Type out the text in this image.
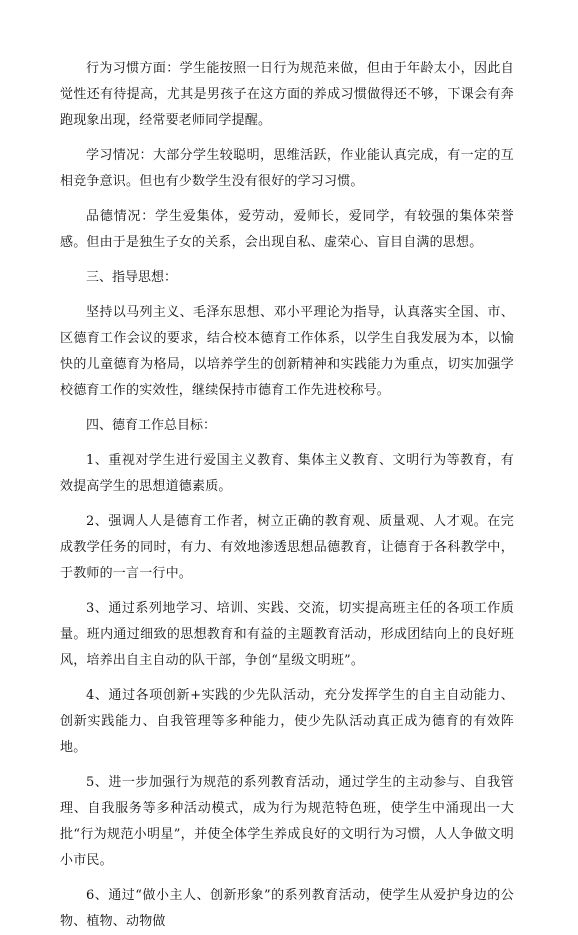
行为习惯方面：学生能按照一日行为规范来做，但由于年龄太小，因此自觉性还有待提高，尤其是男孩子在这方面的养成习惯做得还不够，下课会有奔跑现象出现，经常要老师同学提醒。

学习情况：大部分学生较聪明，思维活跃，作业能认真完成，有一定的互相竞争意识。但也有少数学生没有很好的学习习惯。

品德情况：学生爱集体，爱劳动，爱师长，爱同学，有较强的集体荣誉感。但由于是独生子女的关系，会出现自私、虚荣心、盲目自满的思想。

三、指导思想：

坚持以马列主义、毛泽东思想、邓小平理论为指导，认真落实全国、市、区德育工作会议的要求，结合校本德育工作体系，以学生自我发展为本，以愉快的儿童德育为格局，以培养学生的创新精神和实践能力为重点，切实加强学校德育工作的实效性，继续保持市德育工作先进校称号。

四、德育工作总目标：

1、重视对学生进行爱国主义教育、集体主义教育、文明行为等教育，有效提高学生的思想道德素质。

2、强调人人是德育工作者，树立正确的教育观、质量观、人才观。在完成教学任务的同时，有力、有效地渗透思想品德教育，让德育于各科教学中，于教师的一言一行中。

3、通过系列地学习、培训、实践、交流，切实提高班主任的各项工作质量。班内通过细致的思想教育和有益的主题教育活动，形成团结向上的良好班风，培养出自主自动的队干部，争创“星级文明班”。

4、通过各项创新+实践的少先队活动，充分发挥学生的自主自动能力、创新实践能力、自我管理等多种能力，使少先队活动真正成为德育的有效阵地。

5、进一步加强行为规范的系列教育活动，通过学生的主动参与、自我管理、自我服务等多种活动模式，成为行为规范特色班，使学生中涌现出一大批“行为规范小明星”，并使全体学生养成良好的文明行为习惯，人人争做文明小市民。

6、通过“做小主人、创新形象”的系列教育活动，使学生从爱护身边的公物、植物、动物做
